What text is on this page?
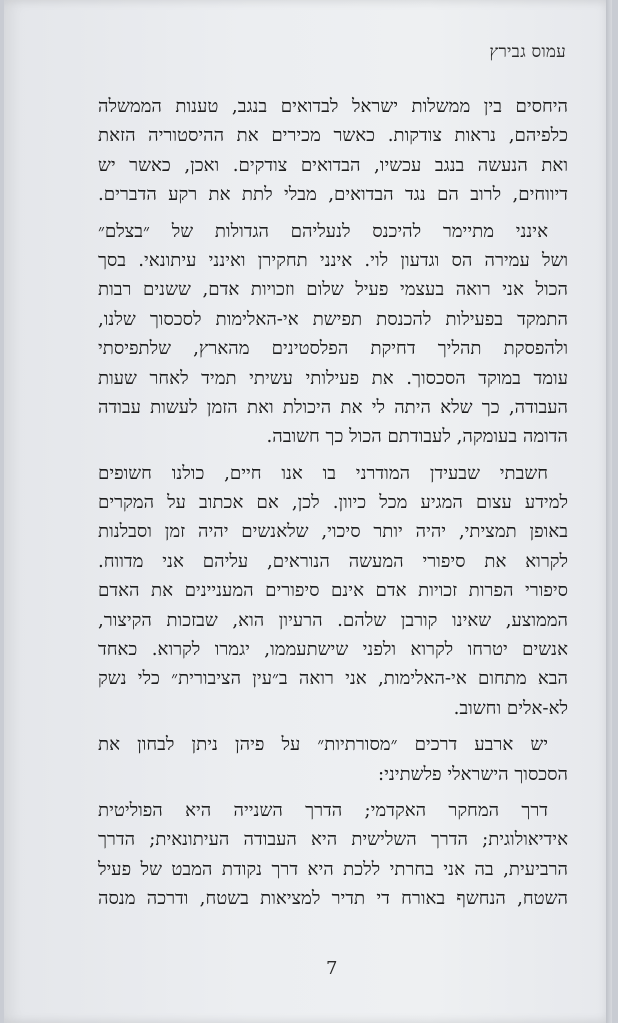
עמוס גבירץ
היחסים בין ממשלות ישראל לבדואים בנגב, טענות הממשלה
כלפיהם, נראות צודקות. כאשר מכירים את ההיסטוריה הזאת
ואת הנעשה בנגב עכשיו, הבדואים צודקים. ואכן, כאשר יש
דיווחים, לרוב הם נגד הבדואים, מבלי לתת את רקע הדברים.
אינני מתיימר להיכנס לנעליהם הגדולות של ״בצלם״
ושל עמירה הס וגדעון לוי. אינני תחקירן ואינני עיתונאי. בסך
הכול אני רואה בעצמי פעיל שלום וזכויות אדם, ששנים רבות
התמקד בפעילות להכנסת תפישת אי-האלימות לסכסוך שלנו,
ולהפסקת תהליך דחיקת הפלסטינים מהארץ, שלתפיסתי
עומד במוקד הסכסוך. את פעילותי עשיתי תמיד לאחר שעות
העבודה, כך שלא היתה לי את היכולת ואת הזמן לעשות עבודה
הדומה בעומקה, לעבודתם הכול כך חשובה.
חשבתי שבעידן המודרני בו אנו חיים, כולנו חשופים
למידע עצום המגיע מכל כיוון. לכן, אם אכתוב על המקרים
באופן תמציתי, יהיה יותר סיכוי, שלאנשים יהיה זמן וסבלנות
לקרוא את סיפורי המעשה הנוראים, עליהם אני מדווח.
סיפורי הפרות זכויות אדם אינם סיפורים המעניינים את האדם
הממוצע, שאינו קורבן שלהם. הרעיון הוא, שבזכות הקיצור,
אנשים יטרחו לקרוא ולפני שישתעממו, יגמרו לקרוא. כאחד
הבא מתחום אי-האלימות, אני רואה ב״עין הציבורית״ כלי נשק
לא-אלים וחשוב.
יש ארבע דרכים ״מסורתיות״ על פיהן ניתן לבחון את
הסכסוך הישראלי פלשתיני:
דרך המחקר האקדמי; הדרך השנייה היא הפוליטית
אידיאולוגית; הדרך השלישית היא העבודה העיתונאית; הדרך
הרביעית, בה אני בחרתי ללכת היא דרך נקודת המבט של פעיל
השטח, הנחשף באורח די תדיר למציאות בשטח, ודרכה מנסה
7
